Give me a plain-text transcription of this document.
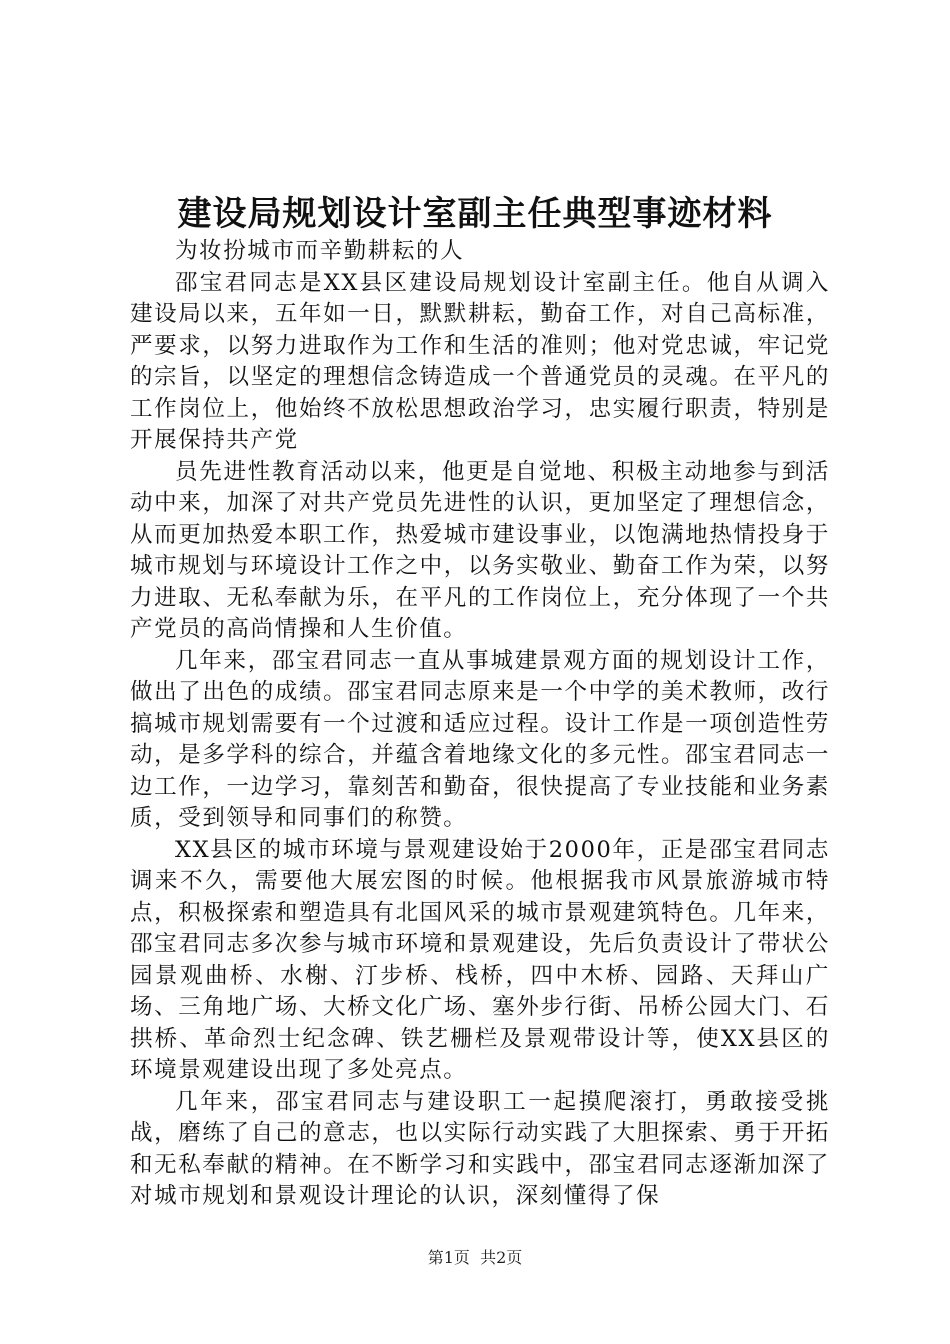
建设局规划设计室副主任典型事迹材料

为妆扮城市而辛勤耕耘的人

邵宝君同志是XX县区建设局规划设计室副主任。他自从调入建设局以来，五年如一日，默默耕耘，勤奋工作，对自己高标准，严要求，以努力进取作为工作和生活的准则；他对党忠诚，牢记党的宗旨，以坚定的理想信念铸造成一个普通党员的灵魂。在平凡的工作岗位上，他始终不放松思想政治学习，忠实履行职责，特别是开展保持共产党

员先进性教育活动以来，他更是自觉地、积极主动地参与到活动中来，加深了对共产党员先进性的认识，更加坚定了理想信念，从而更加热爱本职工作，热爱城市建设事业，以饱满地热情投身于城市规划与环境设计工作之中，以务实敬业、勤奋工作为荣，以努力进取、无私奉献为乐，在平凡的工作岗位上，充分体现了一个共产党员的高尚情操和人生价值。

几年来，邵宝君同志一直从事城建景观方面的规划设计工作，做出了出色的成绩。邵宝君同志原来是一个中学的美术教师，改行搞城市规划需要有一个过渡和适应过程。设计工作是一项创造性劳动，是多学科的综合，并蕴含着地缘文化的多元性。邵宝君同志一边工作，一边学习，靠刻苦和勤奋，很快提高了专业技能和业务素质，受到领导和同事们的称赞。

XX县区的城市环境与景观建设始于2000年，正是邵宝君同志调来不久，需要他大展宏图的时候。他根据我市风景旅游城市特点，积极探索和塑造具有北国风采的城市景观建筑特色。几年来，邵宝君同志多次参与城市环境和景观建设，先后负责设计了带状公园景观曲桥、水榭、汀步桥、栈桥，四中木桥、园路、天拜山广场、三角地广场、大桥文化广场、塞外步行街、吊桥公园大门、石拱桥、革命烈士纪念碑、铁艺栅栏及景观带设计等，使XX县区的环境景观建设出现了多处亮点。

几年来，邵宝君同志与建设职工一起摸爬滚打，勇敢接受挑战，磨练了自己的意志，也以实际行动实践了大胆探索、勇于开拓和无私奉献的精神。在不断学习和实践中，邵宝君同志逐渐加深了对城市规划和景观设计理论的认识，深刻懂得了保

第1页 共2页
